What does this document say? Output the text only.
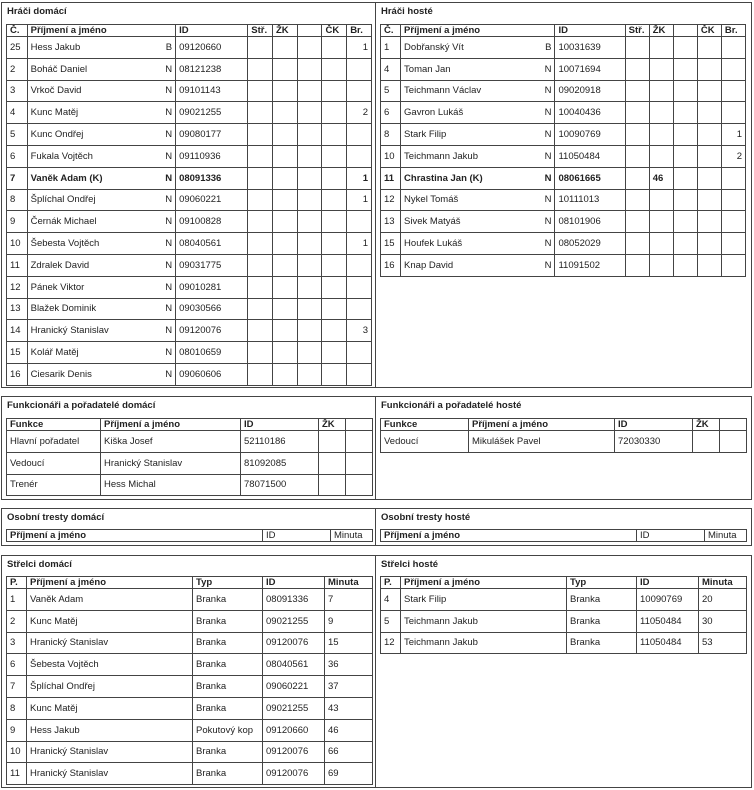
Hráči domácí
Č.	Příjmení a jméno	ID	Stř.	ŽK		ČK	Br.
25	Hess Jakub B	09120660					1
2	Boháč Daniel N	08121238					
3	Vrkoč David N	09101143					
4	Kunc Matěj N	09021255					2
5	Kunc Ondřej N	09080177					
6	Fukala Vojtěch N	09110936					
7	Vaněk Adam (K) N	08091336					1
8	Šplíchal Ondřej N	09060221					1
9	Černák Michael N	09100828					
10	Šebesta Vojtěch N	08040561					1
11	Zdralek David N	09031775					
12	Pánek Viktor N	09010281					
13	Blažek Dominik N	09030566					
14	Hranický Stanislav N	09120076					3
15	Kolář Matěj N	08010659					
16	Ciesarik Denis N	09060606					
Hráči hosté
Č.	Příjmení a jméno	ID	Stř.	ŽK		ČK	Br.
1	Dobřanský Vít B	10031639					
4	Toman Jan N	10071694					
5	Teichmann Václav N	09020918					
6	Gavron Lukáš N	10040436					
8	Stark Filip N	10090769					1
10	Teichmann Jakub N	11050484					2
11	Chrastina Jan (K) N	08061665		46			
12	Nykel Tomáš N	10111013					
13	Sivek Matyáš N	08101906					
15	Houfek Lukáš N	08052029					
16	Knap David N	11091502					
Funkcionáři a pořadatelé domácí
Funkce	Příjmení a jméno	ID	ŽK	
Hlavní pořadatel	Kiška Josef	52110186		
Vedoucí	Hranický Stanislav	81092085		
Trenér	Hess Michal	78071500		
Funkcionáři a pořadatelé hosté
Funkce	Příjmení a jméno	ID	ŽK	
Vedoucí	Mikulášek Pavel	72030330		
Osobní tresty domácí
Příjmení a jméno	ID	Minuta
Osobní tresty hosté
Příjmení a jméno	ID	Minuta
Střelci domácí
P.	Příjmení a jméno	Typ	ID	Minuta
1	Vaněk Adam	Branka	08091336	7
2	Kunc Matěj	Branka	09021255	9
3	Hranický Stanislav	Branka	09120076	15
6	Šebesta Vojtěch	Branka	08040561	36
7	Šplíchal Ondřej	Branka	09060221	37
8	Kunc Matěj	Branka	09021255	43
9	Hess Jakub	Pokutový kop	09120660	46
10	Hranický Stanislav	Branka	09120076	66
11	Hranický Stanislav	Branka	09120076	69
Střelci hosté
P.	Příjmení a jméno	Typ	ID	Minuta
4	Stark Filip	Branka	10090769	20
5	Teichmann Jakub	Branka	11050484	30
12	Teichmann Jakub	Branka	11050484	53
